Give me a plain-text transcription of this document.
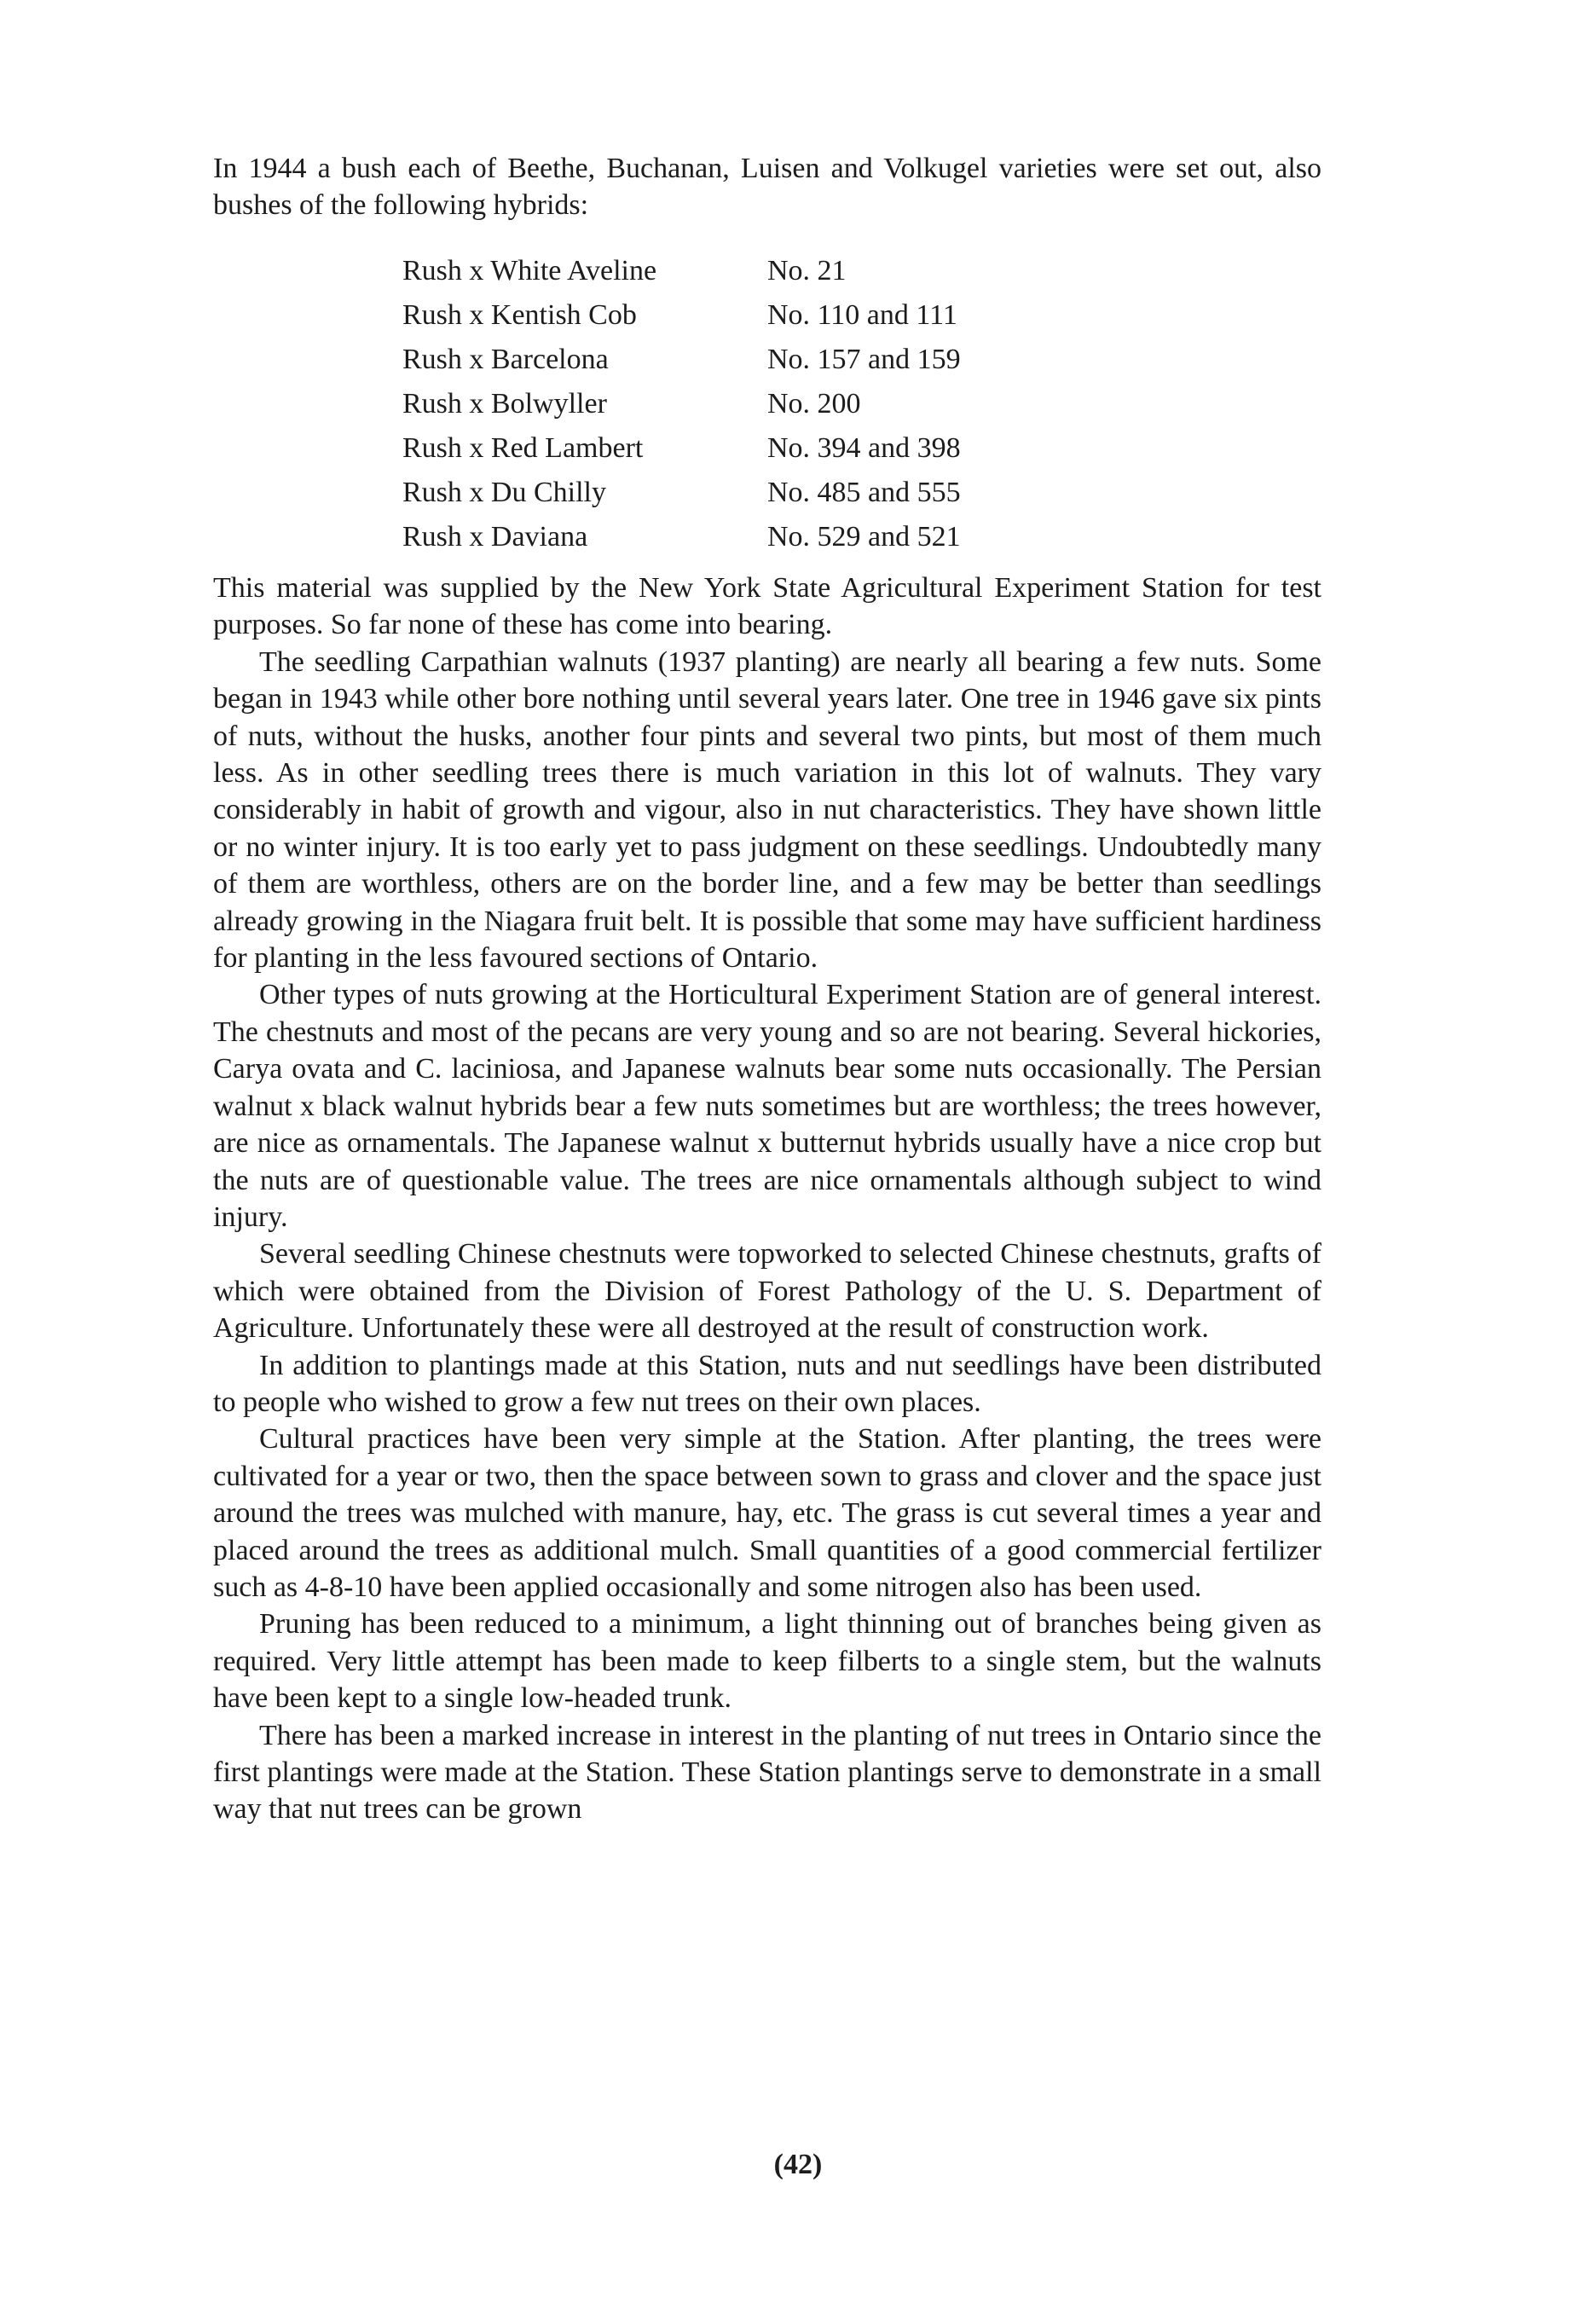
In 1944 a bush each of Beethe, Buchanan, Luisen and Volkugel varieties were set out, also bushes of the following hybrids:

Rush x White Aveline	No. 21
Rush x Kentish Cob	No. 110 and 111
Rush x Barcelona	No. 157 and 159
Rush x Bolwyller	No. 200
Rush x Red Lambert	No. 394 and 398
Rush x Du Chilly	No. 485 and 555
Rush x Daviana	No. 529 and 521

This material was supplied by the New York State Agricultural Experiment Station for test purposes. So far none of these has come into bearing.

The seedling Carpathian walnuts (1937 planting) are nearly all bearing a few nuts. Some began in 1943 while other bore nothing until several years later. One tree in 1946 gave six pints of nuts, without the husks, another four pints and several two pints, but most of them much less. As in other seedling trees there is much variation in this lot of walnuts. They vary considerably in habit of growth and vigour, also in nut characteristics. They have shown little or no winter injury. It is too early yet to pass judgment on these seedlings. Undoubtedly many of them are worthless, others are on the border line, and a few may be better than seedlings already growing in the Niagara fruit belt. It is possible that some may have sufficient hardiness for planting in the less favoured sections of Ontario.

Other types of nuts growing at the Horticultural Experiment Station are of general interest. The chestnuts and most of the pecans are very young and so are not bearing. Several hickories, Carya ovata and C. laciniosa, and Japanese walnuts bear some nuts occasionally. The Persian walnut x black walnut hybrids bear a few nuts sometimes but are worthless; the trees however, are nice as ornamentals. The Japanese walnut x butternut hybrids usually have a nice crop but the nuts are of questionable value. The trees are nice ornamentals although subject to wind injury.

Several seedling Chinese chestnuts were topworked to selected Chinese chestnuts, grafts of which were obtained from the Division of Forest Pathology of the U. S. Department of Agriculture. Unfortunately these were all destroyed at the result of construction work.

In addition to plantings made at this Station, nuts and nut seedlings have been distributed to people who wished to grow a few nut trees on their own places.

Cultural practices have been very simple at the Station. After planting, the trees were cultivated for a year or two, then the space between sown to grass and clover and the space just around the trees was mulched with manure, hay, etc. The grass is cut several times a year and placed around the trees as additional mulch. Small quantities of a good commercial fertilizer such as 4-8-10 have been applied occasionally and some nitrogen also has been used.

Pruning has been reduced to a minimum, a light thinning out of branches being given as required. Very little attempt has been made to keep filberts to a single stem, but the walnuts have been kept to a single low-headed trunk.

There has been a marked increase in interest in the planting of nut trees in Ontario since the first plantings were made at the Station. These Station plantings serve to demonstrate in a small way that nut trees can be grown

(42)
